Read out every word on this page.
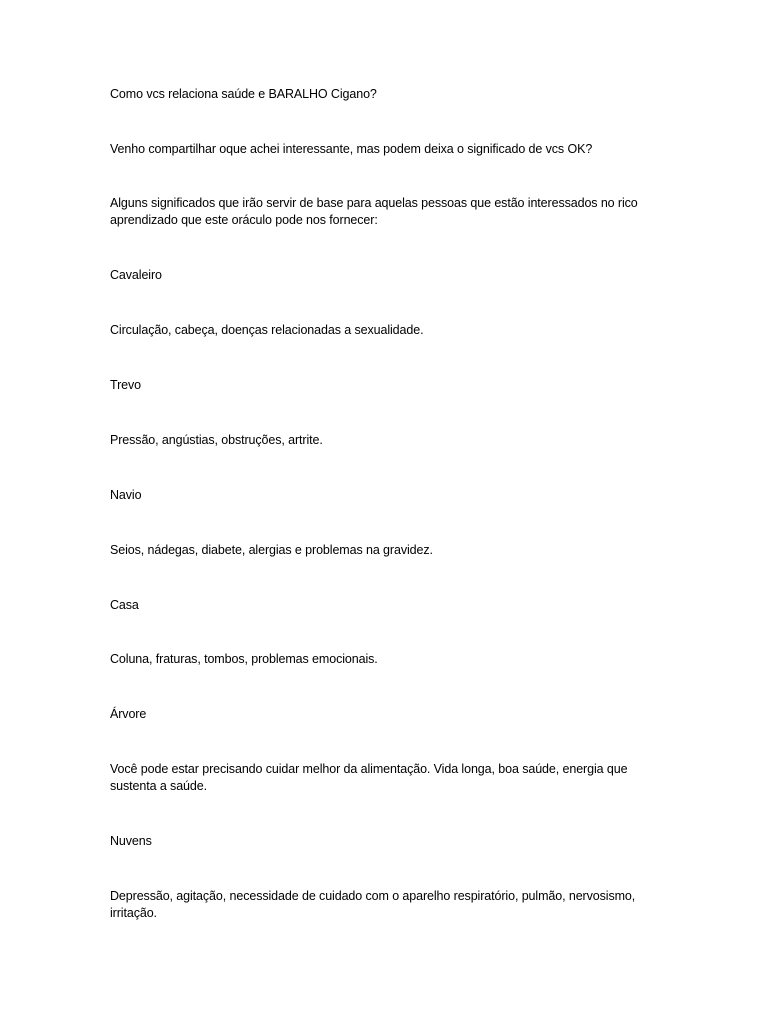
Como vcs relaciona saúde e BARALHO Cigano?

Venho compartilhar oque achei interessante, mas podem deixa o significado de vcs OK?

Alguns significados que irão servir de base para aquelas pessoas que estão interessados no rico aprendizado que este oráculo pode nos fornecer:

Cavaleiro

Circulação, cabeça, doenças relacionadas a sexualidade.

Trevo

Pressão, angústias, obstruções, artrite.

Navio

Seios, nádegas, diabete, alergias e problemas na gravidez.

Casa

Coluna, fraturas, tombos, problemas emocionais.

Árvore

Você pode estar precisando cuidar melhor da alimentação. Vida longa, boa saúde, energia que sustenta a saúde.

Nuvens

Depressão, agitação, necessidade de cuidado com o aparelho respiratório, pulmão, nervosismo, irritação.
